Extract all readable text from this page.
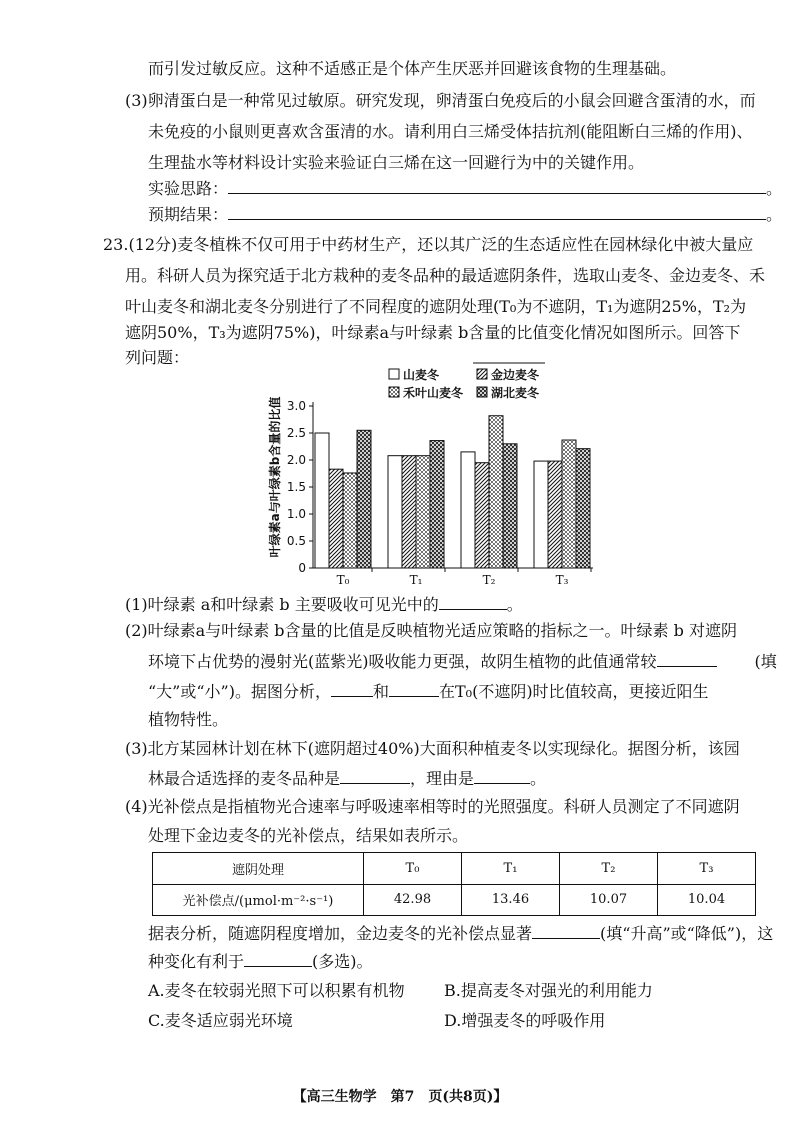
而引发过敏反应。这种不适感正是个体产生厌恶并回避该食物的生理基础。
(3)卵清蛋白是一种常见过敏原。研究发现，卵清蛋白免疫后的小鼠会回避含蛋清的水，而
未免疫的小鼠则更喜欢含蛋清的水。请利用白三烯受体拮抗剂(能阻断白三烯的作用)、
生理盐水等材料设计实验来验证白三烯在这一回避行为中的关键作用。
实验思路：	。
预期结果：	。
23.(12分)麦冬植株不仅可用于中药材生产，还以其广泛的生态适应性在园林绿化中被大量应
用。科研人员为探究适于北方栽种的麦冬品种的最适遮阴条件，选取山麦冬、金边麦冬、禾
叶山麦冬和湖北麦冬分别进行了不同程度的遮阴处理(T₀为不遮阴，T₁为遮阴25%，T₂为
遮阴50%，T₃为遮阴75%)，叶绿素a与叶绿素 b含量的比值变化情况如图所示。回答下
列问题：
0
0.5
1.0
1.5
2.0
2.5
3.0
叶绿素a与叶绿素b含量的比值
T₀	T₁	T₂	T₃
山麦冬	金边麦冬
禾叶山麦冬 湖北麦冬
(1)叶绿素 a和叶绿素 b 主要吸收可见光中的	。
(2)叶绿素a与叶绿素 b含量的比值是反映植物光适应策略的指标之一。叶绿素 b 对遮阴
环境下占优势的漫射光(蓝紫光)吸收能力更强，故阴生植物的此值通常较	(填
“大”或“小”)。据图分析，	和	在T₀(不遮阴)时比值较高，更接近阳生
植物特性。
(3)北方某园林计划在林下(遮阴超过40%)大面积种植麦冬以实现绿化。据图分析，该园
林最合适选择的麦冬品种是	，理由是	。
(4)光补偿点是指植物光合速率与呼吸速率相等时的光照强度。科研人员测定了不同遮阴
处理下金边麦冬的光补偿点，结果如表所示。
遮阴处理	T₀	T₁	T₂	T₃
光补偿点/(μmol·m⁻²·s⁻¹)	42.98	13.46	10.07	10.04
据表分析，随遮阴程度增加，金边麦冬的光补偿点显著	(填“升高”或“降低”)，这
种变化有利于	(多选)。
A.麦冬在较弱光照下可以积累有机物 B.提高麦冬对强光的利用能力
C.麦冬适应弱光环境	D.增强麦冬的呼吸作用
【高三生物学　第7　页(共8页)】
